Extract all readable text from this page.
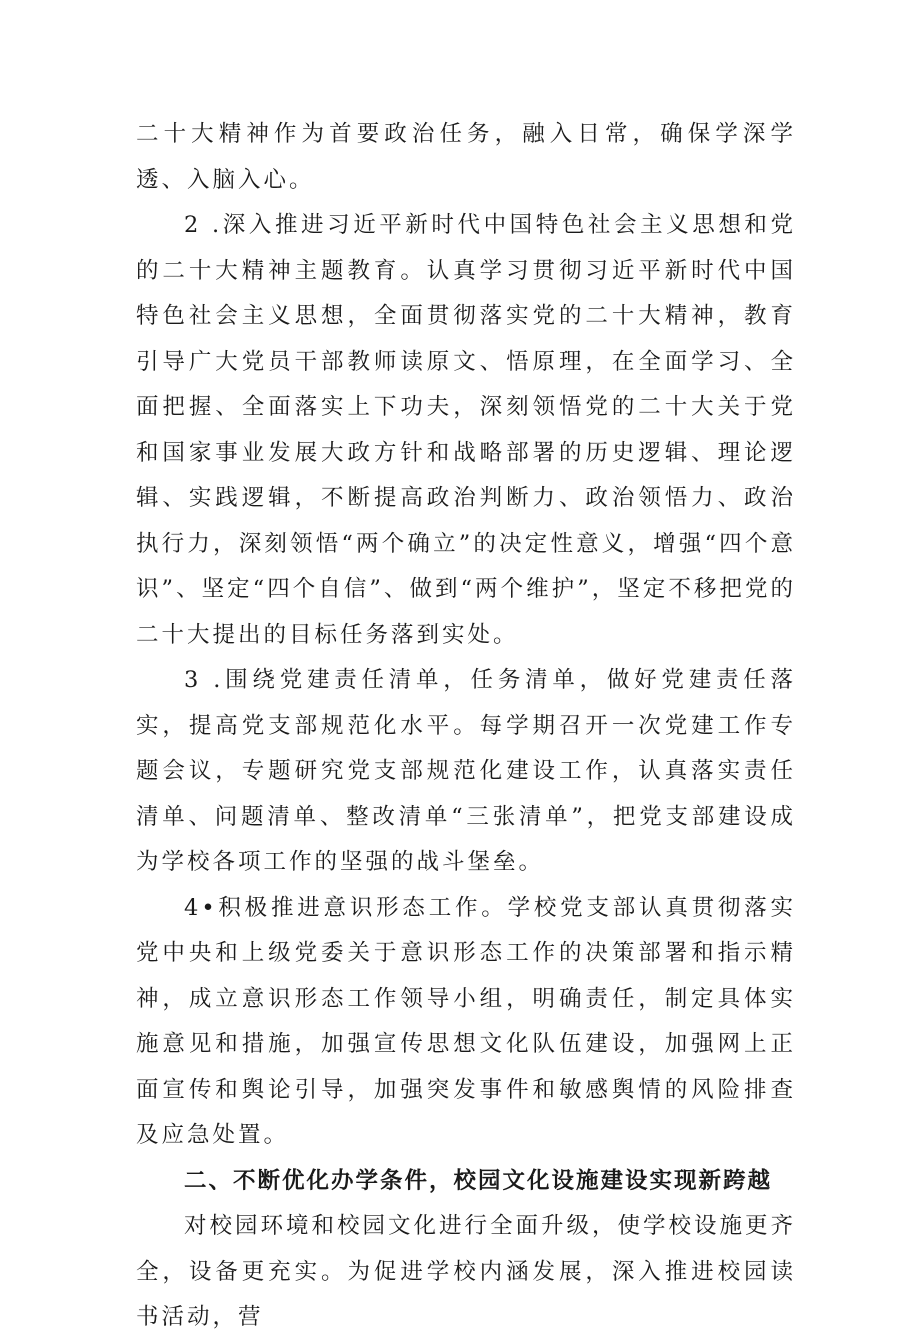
二十大精神作为首要政治任务，融入日常，确保学深学透、入脑入心。

2 .深入推进习近平新时代中国特色社会主义思想和党的二十大精神主题教育。认真学习贯彻习近平新时代中国特色社会主义思想，全面贯彻落实党的二十大精神，教育引导广大党员干部教师读原文、悟原理，在全面学习、全面把握、全面落实上下功夫，深刻领悟党的二十大关于党和国家事业发展大政方针和战略部署的历史逻辑、理论逻辑、实践逻辑，不断提高政治判断力、政治领悟力、政治执行力，深刻领悟“两个确立”的决定性意义，增强“四个意识”、坚定“四个自信”、做到“两个维护”，坚定不移把党的二十大提出的目标任务落到实处。

3 .围绕党建责任清单，任务清单，做好党建责任落实，提高党支部规范化水平。每学期召开一次党建工作专题会议，专题研究党支部规范化建设工作，认真落实责任清单、问题清单、整改清单“三张清单”，把党支部建设成为学校各项工作的坚强的战斗堡垒。

4•积极推进意识形态工作。学校党支部认真贯彻落实党中央和上级党委关于意识形态工作的决策部署和指示精神，成立意识形态工作领导小组，明确责任，制定具体实施意见和措施，加强宣传思想文化队伍建设，加强网上正面宣传和舆论引导，加强突发事件和敏感舆情的风险排查及应急处置。

二、不断优化办学条件，校园文化设施建设实现新跨越

对校园环境和校园文化进行全面升级，使学校设施更齐全，设备更充实。为促进学校内涵发展，深入推进校园读书活动，营
